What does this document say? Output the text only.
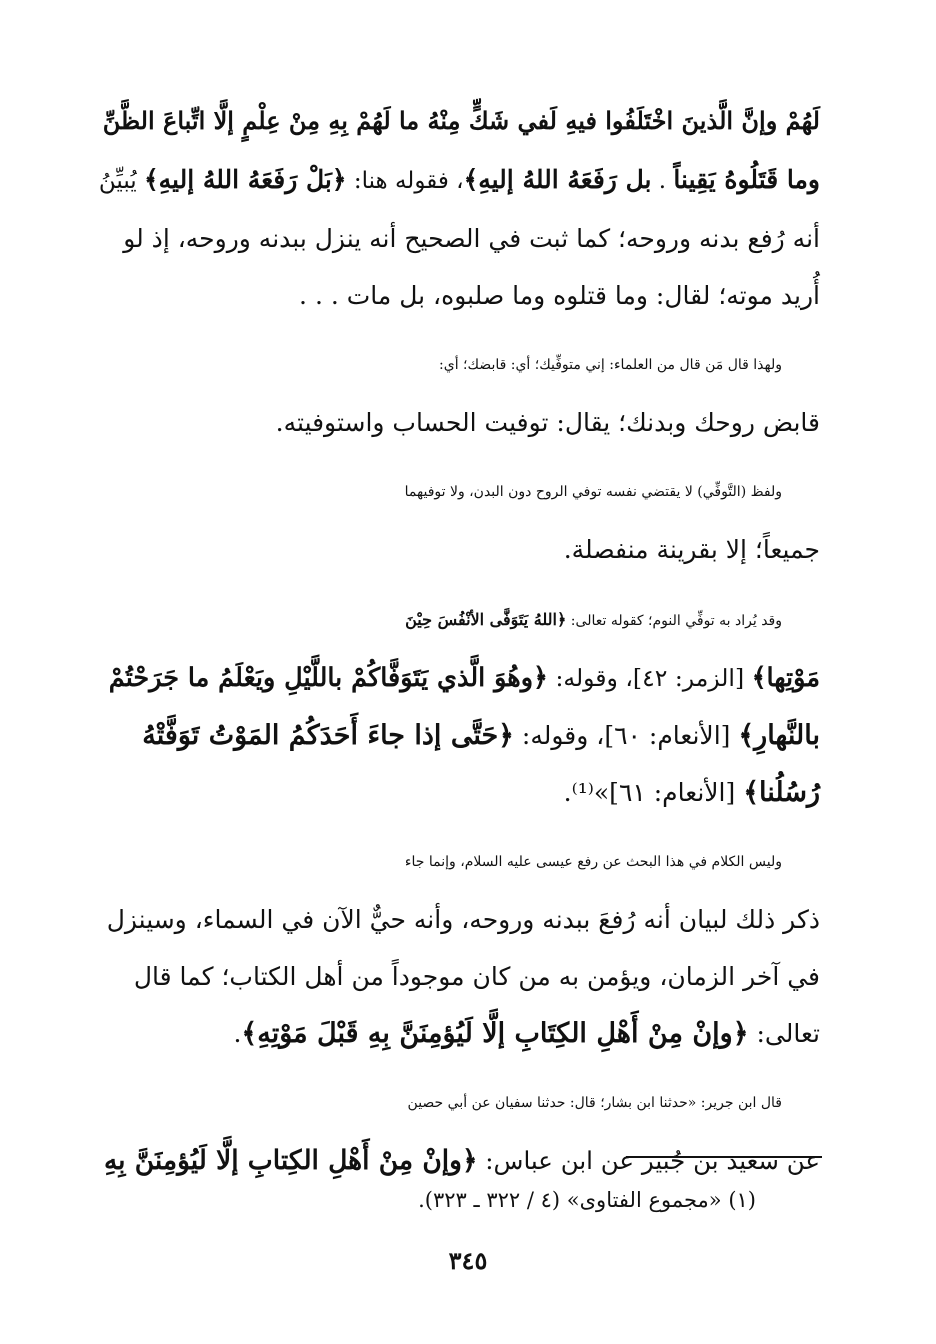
لَهُمْ وإنَّ الَّذينَ اخْتَلَفُوا فيهِ لَفي شَكٍّ مِنْهُ ما لَهُمْ بِهِ مِنْ عِلْمٍ إلَّا اتِّباعَ الظَّنِّ
وما قَتَلُوهُ يَقِيناً . بل رَفَعَهُ اللهُ إليهِ﴾، فقوله هنا: ﴿بَلْ رَفَعَهُ اللهُ إليهِ﴾ يُبيِّنُ
أنه رُفع بدنه وروحه؛ كما ثبت في الصحيح أنه ينزل ببدنه وروحه، إذ لو
أُريد موته؛ لقال: وما قتلوه وما صلبوه، بل مات . . .
ولهذا قال مَن قال من العلماء: إني متوفِّيك؛ أي: قابضك؛ أي:
قابض روحك وبدنك؛ يقال: توفيت الحساب واستوفيته.
ولفظ (التَّوفِّي) لا يقتضي نفسه توفي الروح دون البدن، ولا توفيهما
جميعاً؛ إلا بقرينة منفصلة.
وقد يُراد به توفِّي النوم؛ كقوله تعالى: ﴿اللهُ يَتَوَفَّى الأنْفُسَ حِيْنَ
مَوْتِها﴾ [الزمر: ٤٢]، وقوله: ﴿وهُوَ الَّذي يَتَوَفَّاكُمْ باللَّيْلِ ويَعْلَمُ ما جَرَحْتُمْ
بالنَّهارِ﴾ [الأنعام: ٦٠]، وقوله: ﴿حَتَّى إذا جاءَ أَحَدَكُمُ المَوْتُ تَوَفَّتْهُ
رُسُلُنا﴾ [الأنعام: ٦١]»⁽¹⁾.
وليس الكلام في هذا البحث عن رفع عيسى عليه السلام، وإنما جاء
ذكر ذلك لبيان أنه رُفعَ ببدنه وروحه، وأنه حيٌّ الآن في السماء، وسينزل
في آخر الزمان، ويؤمن به من كان موجوداً من أهل الكتاب؛ كما قال
تعالى: ﴿وإنْ مِنْ أَهْلِ الكِتَابِ إلَّا لَيُؤمِنَنَّ بِهِ قَبْلَ مَوْتِهِ﴾.
قال ابن جرير: «حدثنا ابن بشار؛ قال: حدثنا سفيان عن أبي حصين
عن سعيد بن جُبير عن ابن عباس: ﴿وإنْ مِنْ أَهْلِ الكِتابِ إلَّا لَيُؤمِنَنَّ بِهِ
(١) «مجموع الفتاوى» (٤ / ٣٢٢ ـ ٣٢٣).
٣٤٥
